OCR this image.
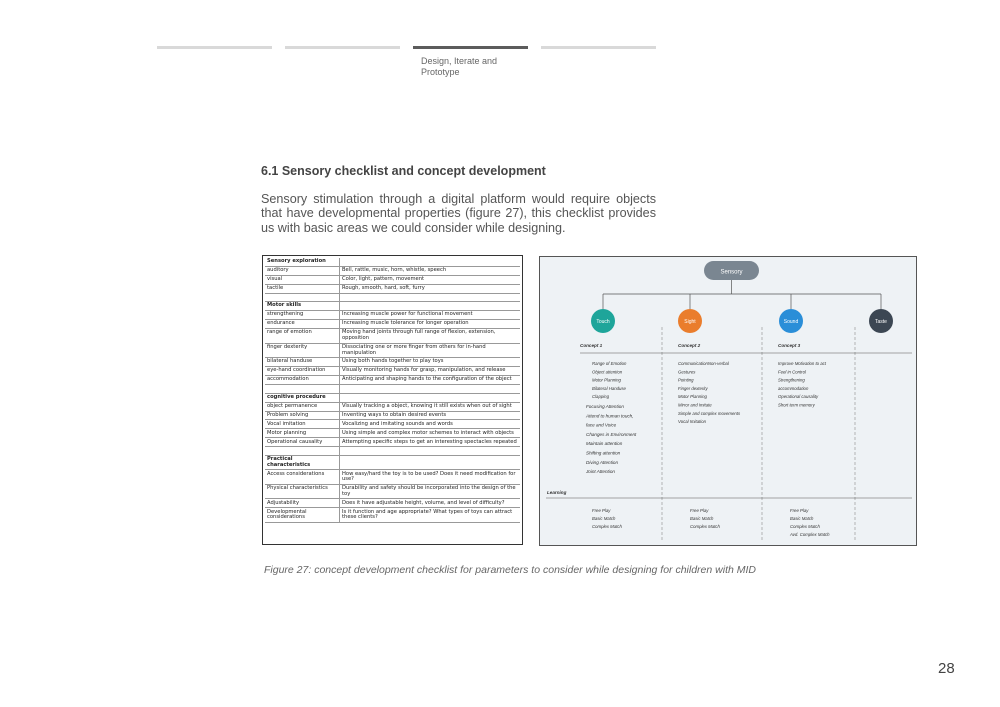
Design, Iterate and Prototype
6.1 Sensory checklist and concept development

Sensory stimulation through a digital platform would require objects that have developmental properties (figure 27), this checklist provides us with basic areas we could consider while designing.

Sensory exploration	
auditory	Bell, rattle, music, horn, whistle, speech
visual	Color, light, pattern, movement
tactile	Rough, smooth, hard, soft, furry

Motor skills	
strengthening	Increasing muscle power for functional movement
endurance	Increasing muscle tolerance for longer operation
range of emotion	Moving hand joints through full range of flexion, extension, opposition
finger dexterity	Dissociating one or more finger from others for in-hand manipulation
bilateral handuse	Using both hands together to play toys
eye-hand coordination	Visually monitoring hands for grasp, manipulation, and release
accommodation	Anticipating and shaping hands to the configuration of the object

cognitive procedure	
object permanence	Visually tracking a object, knowing it still exists when out of sight
Problem solving	Inventing ways to obtain desired events
Vocal imitation	Vocalizing and imitating sounds and words
Motor planning	Using simple and complex motor schemes to interact with objects
Operational causality	Attempting specific steps to get an interesting spectacles repeated

Practical characteristics	
Access considerations	How easy/hard the toy is to be used? Does it need modification for use?
Physical characteristics	Durability and safety should be incorporated into the design of the toy
Adjustability	Does it have adjustable height, volume, and level of difficulty?
Developmental considerations	Is it function and age appropriate? What types of toys can attract these clients?
Sensory
Touch	Sight	Sound	Taste
Concept 1
Range of Emotion
Object attention
Motor Planning
Bilateral Handuse
Clapping
Focusing Attention
Attend to human touch,
face and Voice
Changes in Environment
Maintain attention
Shifting attention
Diving Attention
Joint Attention
Free Play
Basic Match
Complex Match
Concept 2
CommunicationNon-verbal
Gestures
Pointing
Finger dexterity
Motor Planning
Mirror and Imitate
Simple and complex movements
Vocal Imitation
Free Play
Basic Match
Complex Match
Concept 3
Improve Motivation to act
Feel in Control
Strengthening
accommodation
Operational causality
Short term memory
Free Play
Basic Match
Complex Match
Avd. Complex Match
Learning

Figure 27: concept development checklist for parameters to consider while designing for children with MID

28
